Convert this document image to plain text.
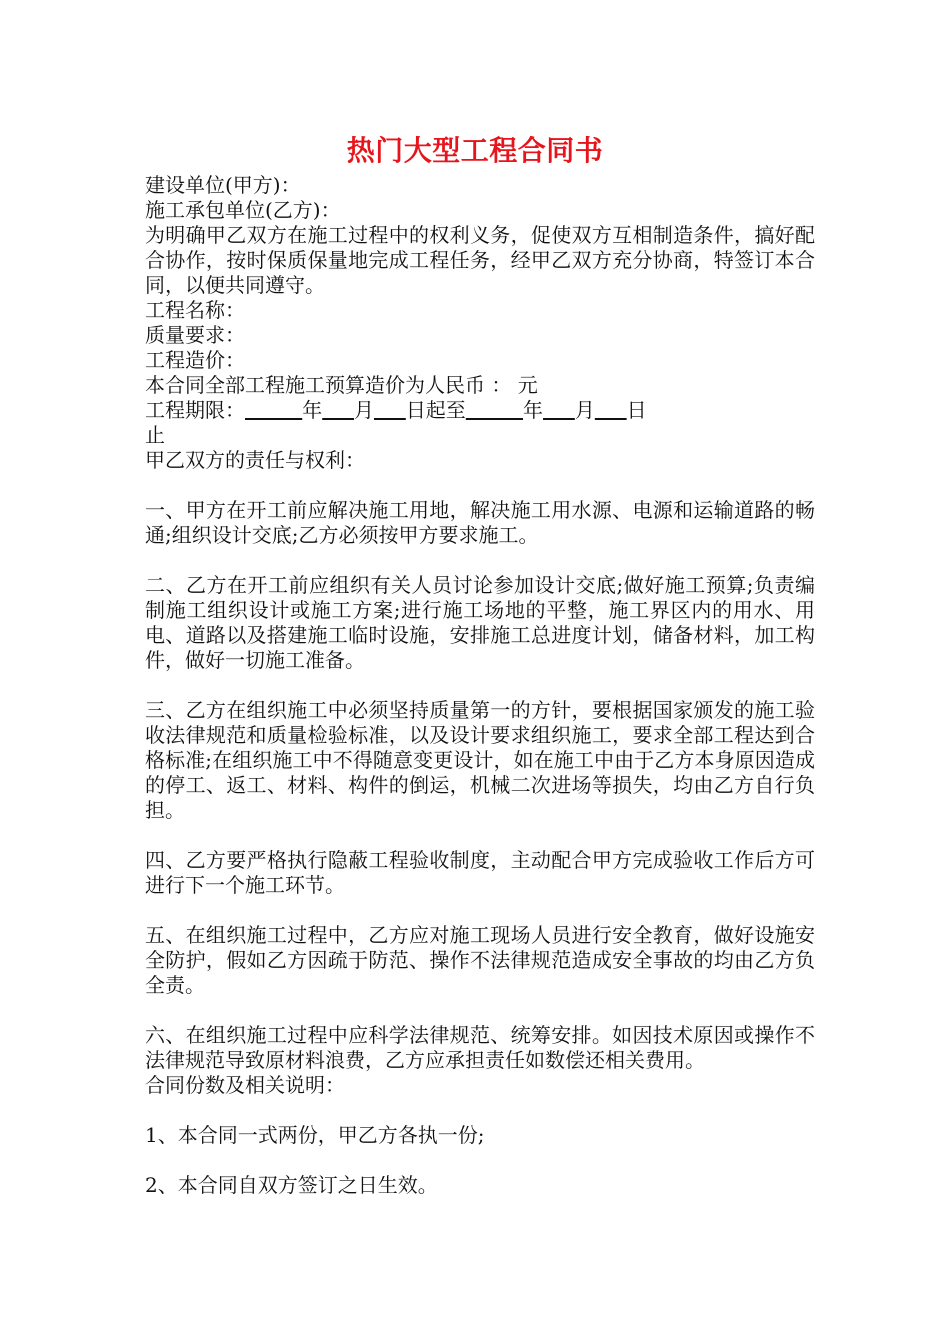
热门大型工程合同书
建设单位(甲方)：
施工承包单位(乙方)：
为明确甲乙双方在施工过程中的权利义务，促使双方互相制造条件，搞好配合协作，按时保质保量地完成工程任务，经甲乙双方充分协商，特签订本合同，以便共同遵守。
工程名称：
质量要求：
工程造价：
本合同全部工程施工预算造价为人民币 ： 元
工程期限：	年 月 日起至	年 月 日
止
甲乙双方的责任与权利：
一、甲方在开工前应解决施工用地，解决施工用水源、电源和运输道路的畅通;组织设计交底;乙方必须按甲方要求施工。
二、乙方在开工前应组织有关人员讨论参加设计交底;做好施工预算;负责编制施工组织设计或施工方案;进行施工场地的平整，施工界区内的用水、用电、道路以及搭建施工临时设施，安排施工总进度计划，储备材料，加工构件，做好一切施工准备。
三、乙方在组织施工中必须坚持质量第一的方针，要根据国家颁发的施工验收法律规范和质量检验标准，以及设计要求组织施工，要求全部工程达到合格标准;在组织施工中不得随意变更设计，如在施工中由于乙方本身原因造成的停工、返工、材料、构件的倒运，机械二次进场等损失，均由乙方自行负担。
四、乙方要严格执行隐蔽工程验收制度，主动配合甲方完成验收工作后方可进行下一个施工环节。
五、在组织施工过程中，乙方应对施工现场人员进行安全教育，做好设施安全防护，假如乙方因疏于防范、操作不法律规范造成安全事故的均由乙方负全责。
六、在组织施工过程中应科学法律规范、统筹安排。如因技术原因或操作不法律规范导致原材料浪费，乙方应承担责任如数偿还相关费用。
合同份数及相关说明：
1、本合同一式两份，甲乙方各执一份;
2、本合同自双方签订之日生效。
